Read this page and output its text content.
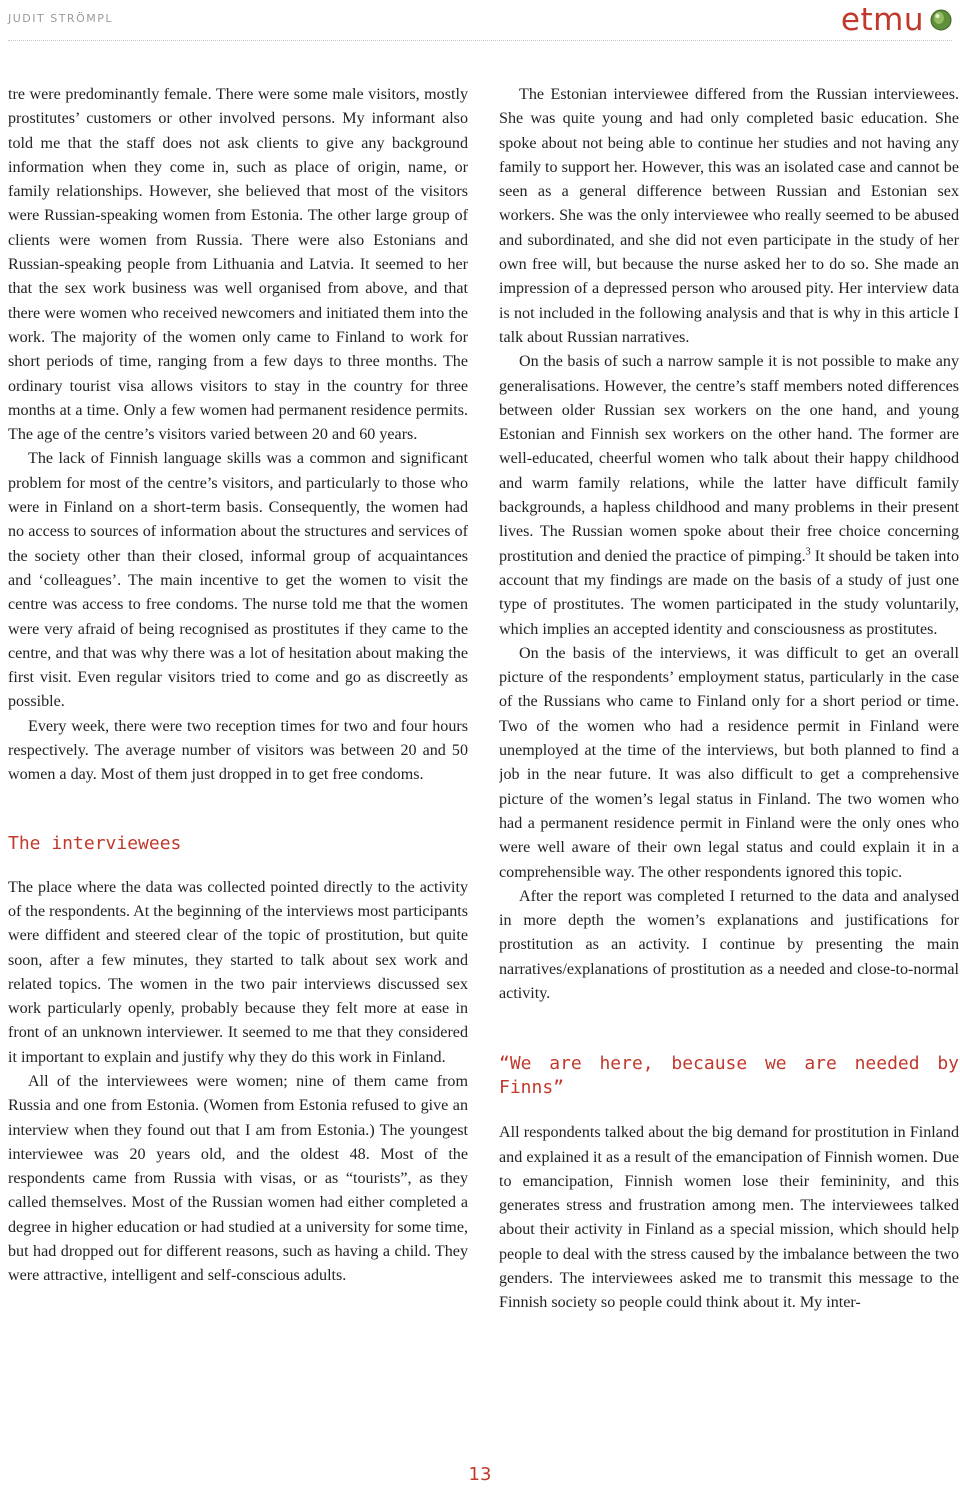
JUDIT STRÖMPL	etmu

tre were predominantly female. There were some male visitors, mostly prostitutes’ customers or other involved persons. My informant also told me that the staff does not ask clients to give any background information when they come in, such as place of origin, name, or family relationships. However, she believed that most of the visitors were Russian-speaking women from Estonia. The other large group of clients were women from Russia. There were also Estonians and Russian-speaking people from Lithuania and Latvia. It seemed to her that the sex work business was well organised from above, and that there were women who received newcomers and initiated them into the work. The majority of the women only came to Finland to work for short periods of time, ranging from a few days to three months. The ordinary tourist visa allows visitors to stay in the country for three months at a time. Only a few women had permanent residence permits. The age of the centre’s visitors varied between 20 and 60 years.

The lack of Finnish language skills was a common and significant problem for most of the centre’s visitors, and particularly to those who were in Finland on a short-term basis. Consequently, the women had no access to sources of information about the structures and services of the society other than their closed, informal group of acquaintances and ‘colleagues’. The main incentive to get the women to visit the centre was access to free condoms. The nurse told me that the women were very afraid of being recognised as prostitutes if they came to the centre, and that was why there was a lot of hesitation about making the first visit. Even regular visitors tried to come and go as discreetly as possible.

Every week, there were two reception times for two and four hours respectively. The average number of visitors was between 20 and 50 women a day. Most of them just dropped in to get free condoms.

The interviewees

The place where the data was collected pointed directly to the activity of the respondents. At the beginning of the interviews most participants were diffident and steered clear of the topic of prostitution, but quite soon, after a few minutes, they started to talk about sex work and related topics. The women in the two pair interviews discussed sex work particularly openly, probably because they felt more at ease in front of an unknown interviewer. It seemed to me that they considered it important to explain and justify why they do this work in Finland.

All of the interviewees were women; nine of them came from Russia and one from Estonia. (Women from Estonia refused to give an interview when they found out that I am from Estonia.) The youngest interviewee was 20 years old, and the oldest 48. Most of the respondents came from Russia with visas, or as “tourists”, as they called themselves. Most of the Russian women had either completed a degree in higher education or had studied at a university for some time, but had dropped out for different reasons, such as having a child. They were attractive, intelligent and self-conscious adults.

The Estonian interviewee differed from the Russian interviewees. She was quite young and had only completed basic education. She spoke about not being able to continue her studies and not having any family to support her. However, this was an isolated case and cannot be seen as a general difference between Russian and Estonian sex workers. She was the only interviewee who really seemed to be abused and subordinated, and she did not even participate in the study of her own free will, but because the nurse asked her to do so. She made an impression of a depressed person who aroused pity. Her interview data is not included in the following analysis and that is why in this article I talk about Russian narratives.

On the basis of such a narrow sample it is not possible to make any generalisations. However, the centre’s staff members noted differences between older Russian sex workers on the one hand, and young Estonian and Finnish sex workers on the other hand. The former are well-educated, cheerful women who talk about their happy childhood and warm family relations, while the latter have difficult family backgrounds, a hapless childhood and many problems in their present lives. The Russian women spoke about their free choice concerning prostitution and denied the practice of pimping.$^3$ It should be taken into account that my findings are made on the basis of a study of just one type of prostitutes. The women participated in the study voluntarily, which implies an accepted identity and consciousness as prostitutes.

On the basis of the interviews, it was difficult to get an overall picture of the respondents’ employment status, particularly in the case of the Russians who came to Finland only for a short period or time. Two of the women who had a residence permit in Finland were unemployed at the time of the interviews, but both planned to find a job in the near future. It was also difficult to get a comprehensive picture of the women’s legal status in Finland. The two women who had a permanent residence permit in Finland were the only ones who were well aware of their own legal status and could explain it in a comprehensible way. The other respondents ignored this topic.

After the report was completed I returned to the data and analysed in more depth the women’s explanations and justifications for prostitution as an activity. I continue by presenting the main narratives/explanations of prostitution as a needed and close-to-normal activity.

“We are here, because we are needed by Finns”

All respondents talked about the big demand for prostitution in Finland and explained it as a result of the emancipation of Finnish women. Due to emancipation, Finnish women lose their femininity, and this generates stress and frustration among men. The interviewees talked about their activity in Finland as a special mission, which should help people to deal with the stress caused by the imbalance between the two genders. The interviewees asked me to transmit this message to the Finnish society so people could think about it. My inter-

13
